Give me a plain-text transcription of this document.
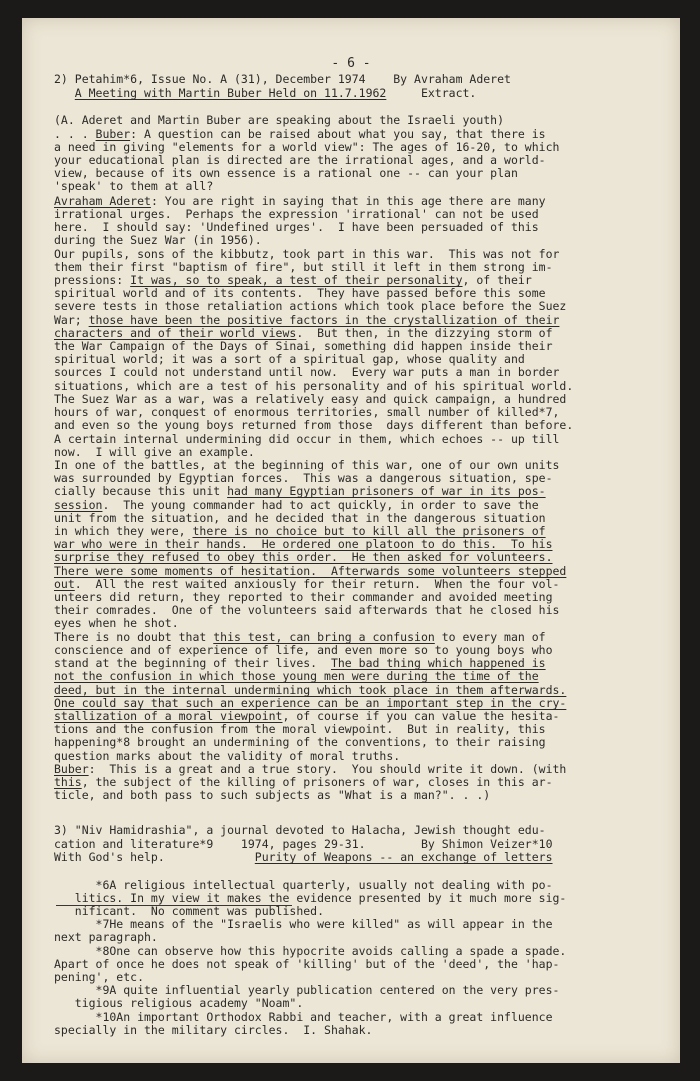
- 6 -
2) Petahim*6, Issue No. A (31), December 1974    By Avraham Aderet
A Meeting with Martin Buber Held on 11.7.1962     Extract.
(A. Aderet and Martin Buber are speaking about the Israeli youth)
. . . Buber: A question can be raised about what you say, that there is
a need in giving "elements for a world view": The ages of 16-20, to which
your educational plan is directed are the irrational ages, and a world-
view, because of its own essence is a rational one -- can your plan
'speak' to them at all?
Avraham Aderet: You are right in saying that in this age there are many
irrational urges.  Perhaps the expression 'irrational' can not be used
here.  I should say: 'Undefined urges'.  I have been persuaded of this
during the Suez War (in 1956).
Our pupils, sons of the kibbutz, took part in this war.  This was not for
them their first "baptism of fire", but still it left in them strong im-
pressions: It was, so to speak, a test of their personality, of their
spiritual world and of its contents.  They have passed before this some
severe tests in those retaliation actions which took place before the Suez
War; those have been the positive factors in the crystallization of their
characters and of their world views.  But then, in the dizzying storm of
the War Campaign of the Days of Sinai, something did happen inside their
spiritual world; it was a sort of a spiritual gap, whose quality and
sources I could not understand until now.  Every war puts a man in border
situations, which are a test of his personality and of his spiritual world.
The Suez War as a war, was a relatively easy and quick campaign, a hundred
hours of war, conquest of enormous territories, small number of killed*7,
and even so the young boys returned from those  days different than before.
A certain internal undermining did occur in them, which echoes -- up till
now.  I will give an example.
In one of the battles, at the beginning of this war, one of our own units
was surrounded by Egyptian forces.  This was a dangerous situation, spe-
cially because this unit had many Egyptian prisoners of war in its pos-
session.  The young commander had to act quickly, in order to save the
unit from the situation, and he decided that in the dangerous situation
in which they were, there is no choice but to kill all the prisoners of
war who were in their hands.  He ordered one platoon to do this.  To his
surprise they refused to obey this order.  He then asked for volunteers.
There were some moments of hesitation.  Afterwards some volunteers stepped
out.  All the rest waited anxiously for their return.  When the four vol-
unteers did return, they reported to their commander and avoided meeting
their comrades.  One of the volunteers said afterwards that he closed his
eyes when he shot.
There is no doubt that this test, can bring a confusion to every man of
conscience and of experience of life, and even more so to young boys who
stand at the beginning of their lives.  The bad thing which happened is
not the confusion in which those young men were during the time of the
deed, but in the internal undermining which took place in them afterwards.
One could say that such an experience can be an important step in the cry-
stallization of a moral viewpoint, of course if you can value the hesita-
tions and the confusion from the moral viewpoint.  But in reality, this
happening*8 brought an undermining of the conventions, to their raising
question marks about the validity of moral truths.
Buber:  This is a great and a true story.  You should write it down. (with
this, the subject of the killing of prisoners of war, closes in this ar-
ticle, and both pass to such subjects as "What is a man?". . .)
3) "Niv Hamidrashia", a journal devoted to Halacha, Jewish thought edu-
cation and literature*9    1974, pages 29-31.        By Shimon Veizer*10
With God's help.             Purity of Weapons -- an exchange of letters
*6A religious intellectual quarterly, usually not dealing with po-
litics. In my view it makes the evidence presented by it much more sig-
nificant.  No comment was published.
*7He means of the "Israelis who were killed" as will appear in the
next paragraph.
*8One can observe how this hypocrite avoids calling a spade a spade.
Apart of once he does not speak of 'killing' but of the 'deed', the 'hap-
pening', etc.
*9A quite influential yearly publication centered on the very pres-
tigious religious academy "Noam".
*10An important Orthodox Rabbi and teacher, with a great influence
specially in the military circles.  I. Shahak.
